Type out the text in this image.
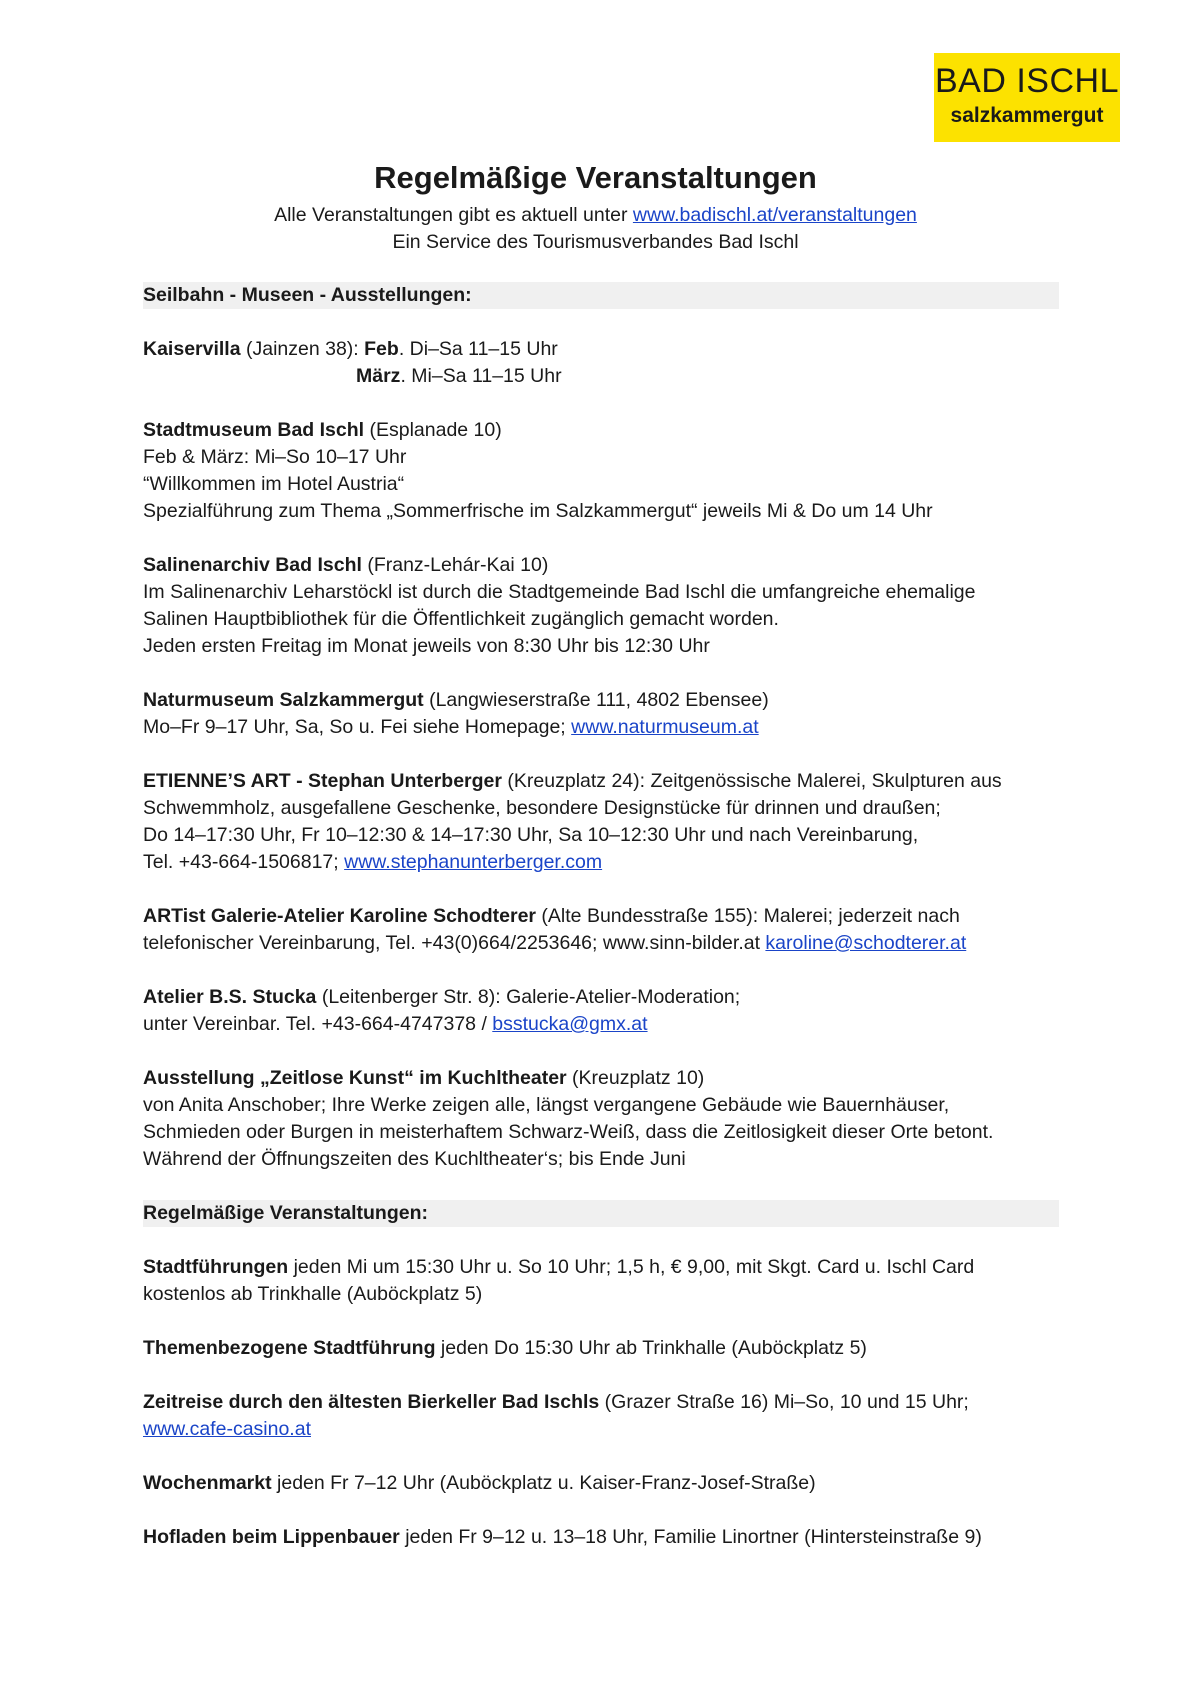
BAD ISCHL
salzkammergut
Regelmäßige Veranstaltungen
Alle Veranstaltungen gibt es aktuell unter www.badischl.at/veranstaltungen
Ein Service des Tourismusverbandes Bad Ischl
Seilbahn - Museen - Ausstellungen:

Kaiservilla (Jainzen 38): Feb. Di–Sa 11–15 Uhr

März. Mi–Sa 11–15 Uhr

Stadtmuseum Bad Ischl (Esplanade 10)

Feb & März: Mi–So 10–17 Uhr

“Willkommen im Hotel Austria“

Spezialführung zum Thema „Sommerfrische im Salzkammergut“ jeweils Mi & Do um 14 Uhr

Salinenarchiv Bad Ischl (Franz-Lehár-Kai 10)

Im Salinenarchiv Leharstöckl ist durch die Stadtgemeinde Bad Ischl die umfangreiche ehemalige

Salinen Hauptbibliothek für die Öffentlichkeit zugänglich gemacht worden.

Jeden ersten Freitag im Monat jeweils von 8:30 Uhr bis 12:30 Uhr

Naturmuseum Salzkammergut (Langwieserstraße 111, 4802 Ebensee)

Mo–Fr 9–17 Uhr, Sa, So u. Fei siehe Homepage; www.naturmuseum.at

ETIENNE’S ART - Stephan Unterberger (Kreuzplatz 24): Zeitgenössische Malerei, Skulpturen aus

Schwemmholz, ausgefallene Geschenke, besondere Designstücke für drinnen und draußen;

Do 14–17:30 Uhr, Fr 10–12:30 & 14–17:30 Uhr, Sa 10–12:30 Uhr und nach Vereinbarung,

Tel. +43-664-1506817; www.stephanunterberger.com

ARTist Galerie-Atelier Karoline Schodterer (Alte Bundesstraße 155): Malerei; jederzeit nach

telefonischer Vereinbarung, Tel. +43(0)664/2253646; www.sinn-bilder.at karoline@schodterer.at

Atelier B.S. Stucka (Leitenberger Str. 8): Galerie-Atelier-Moderation;

unter Vereinbar. Tel. +43-664-4747378 / bsstucka@gmx.at

Ausstellung „Zeitlose Kunst“ im Kuchltheater (Kreuzplatz 10)

von Anita Anschober; Ihre Werke zeigen alle, längst vergangene Gebäude wie Bauernhäuser,

Schmieden oder Burgen in meisterhaftem Schwarz-Weiß, dass die Zeitlosigkeit dieser Orte betont.

Während der Öffnungszeiten des Kuchltheater‘s; bis Ende Juni

Regelmäßige Veranstaltungen:

Stadtführungen jeden Mi um 15:30 Uhr u. So 10 Uhr; 1,5 h, € 9,00, mit Skgt. Card u. Ischl Card

kostenlos ab Trinkhalle (Auböckplatz 5)

Themenbezogene Stadtführung jeden Do 15:30 Uhr ab Trinkhalle (Auböckplatz 5)

Zeitreise durch den ältesten Bierkeller Bad Ischls (Grazer Straße 16) Mi–So, 10 und 15 Uhr;

www.cafe-casino.at

Wochenmarkt jeden Fr 7–12 Uhr (Auböckplatz u. Kaiser-Franz-Josef-Straße)

Hofladen beim Lippenbauer jeden Fr 9–12 u. 13–18 Uhr, Familie Linortner (Hintersteinstraße 9)
